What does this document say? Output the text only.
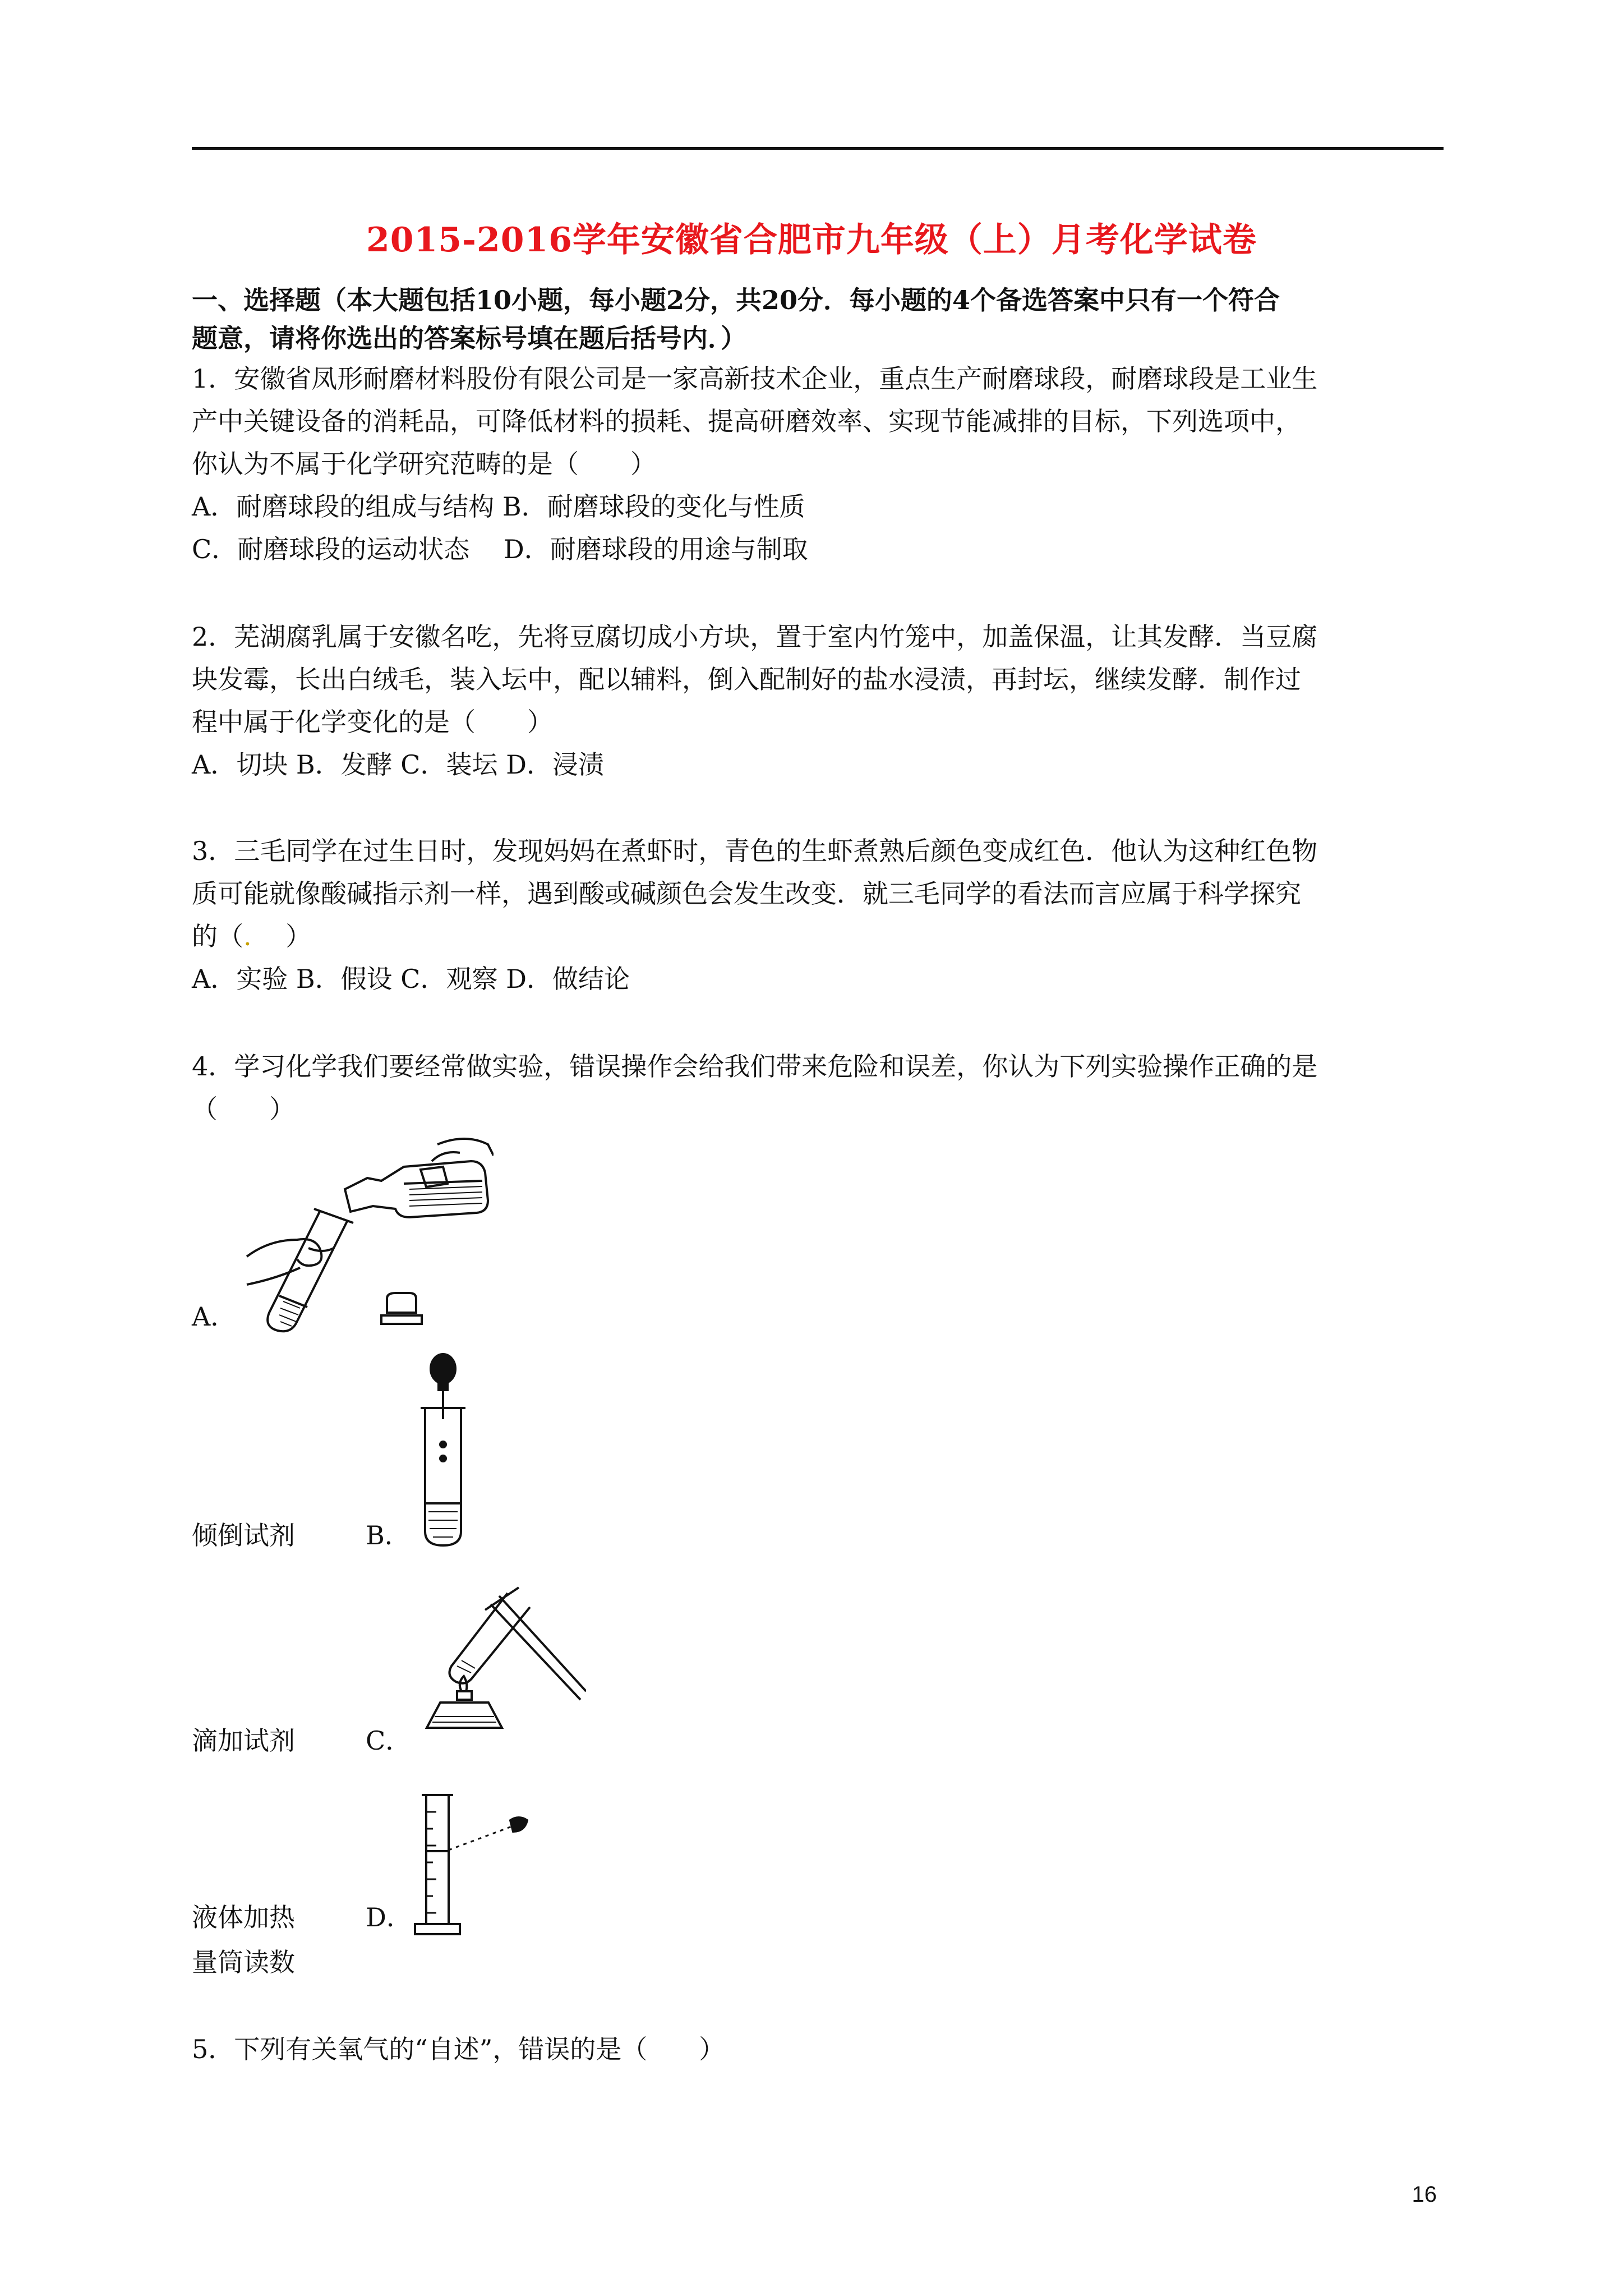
2015-2016学年安徽省合肥市九年级（上）月考化学试卷
一、选择题（本大题包括10小题，每小题2分，共20分．每小题的4个备选答案中只有一个符合
题意，请将你选出的答案标号填在题后括号内．）
1．安徽省凤形耐磨材料股份有限公司是一家高新技术企业，重点生产耐磨球段，耐磨球段是工业生
产中关键设备的消耗品，可降低材料的损耗、提高研磨效率、实现节能减排的目标，下列选项中，
你认为不属于化学研究范畴的是（　　）
A．耐磨球段的组成与结构 B．耐磨球段的变化与性质
C．耐磨球段的运动状态　 D．耐磨球段的用途与制取
2．芜湖腐乳属于安徽名吃，先将豆腐切成小方块，置于室内竹笼中，加盖保温，让其发酵．当豆腐
块发霉，长出白绒毛，装入坛中，配以辅料，倒入配制好的盐水浸渍，再封坛，继续发酵．制作过
程中属于化学变化的是（　　）
A．切块 B．发酵 C．装坛 D．浸渍
3．三毛同学在过生日时，发现妈妈在煮虾时，青色的生虾煮熟后颜色变成红色．他认为这种红色物
质可能就像酸碱指示剂一样，遇到酸或碱颜色会发生改变．就三毛同学的看法而言应属于科学探究
的（.　 ）
A．实验 B．假设 C．观察 D．做结论
4．学习化学我们要经常做实验，错误操作会给我们带来危险和误差，你认为下列实验操作正确的是
（　　）
A．
倾倒试剂	B．
滴加试剂	C．
液体加热	D．
量筒读数
5．下列有关氧气的“自述”，错误的是（　　）
16
